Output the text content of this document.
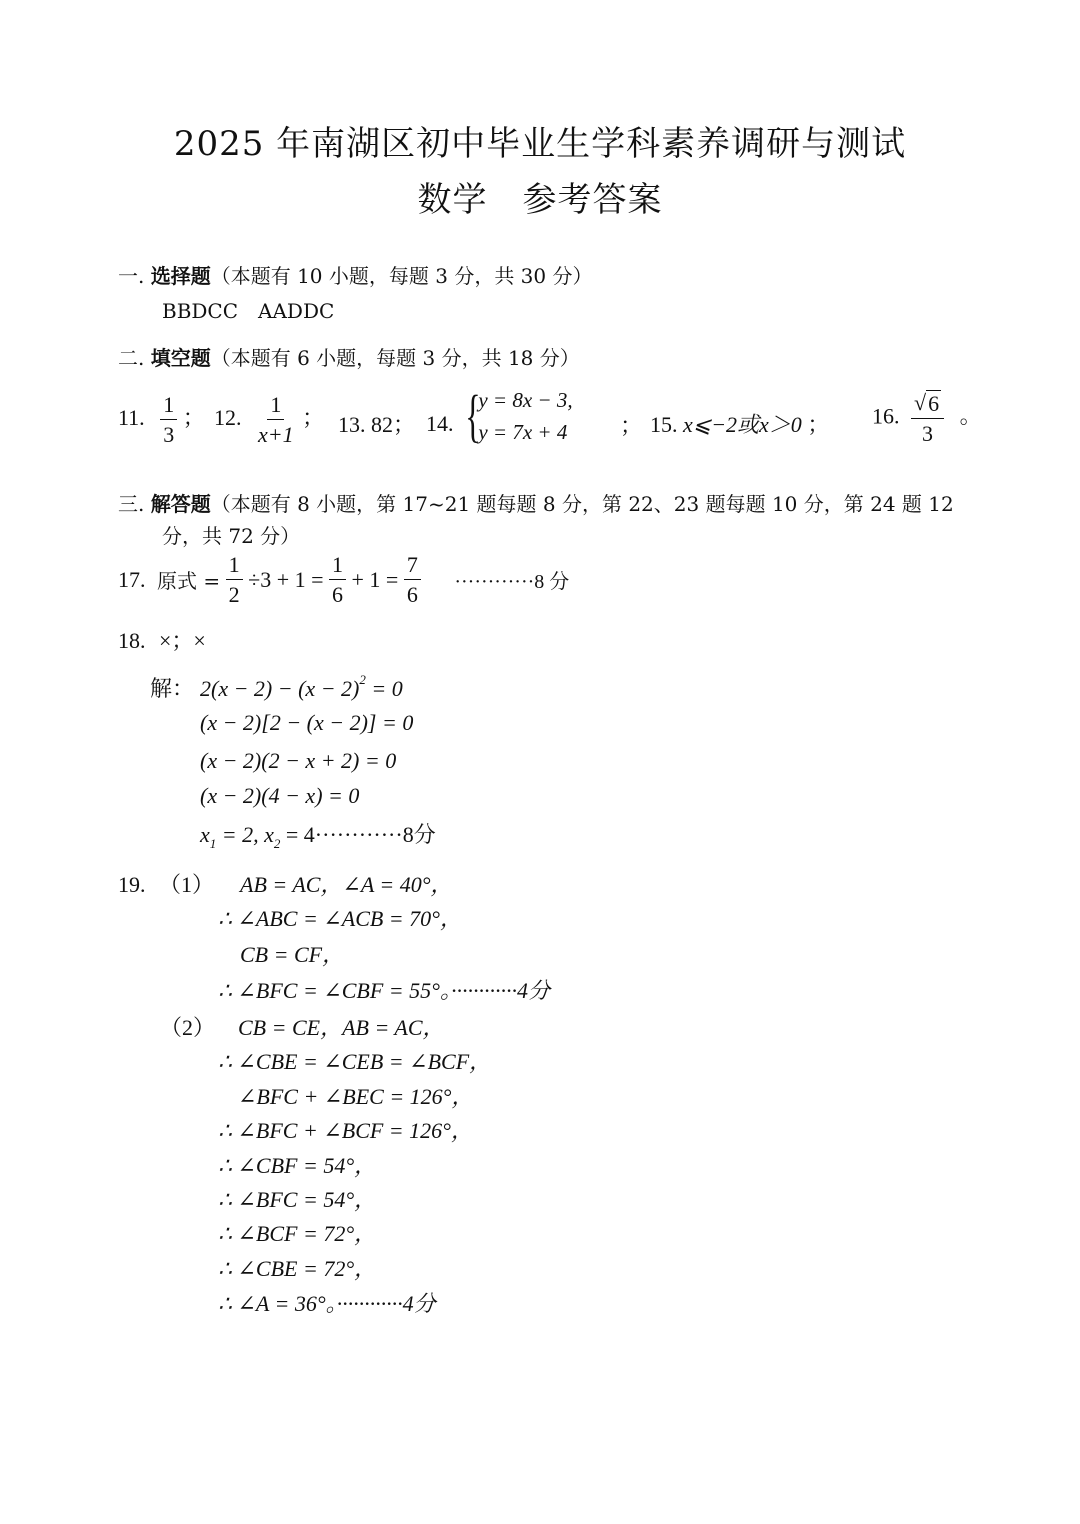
2025 年南湖区初中毕业生学科素养调研与测试
数学　参考答案
一. 选择题（本题有 10 小题，每题 3 分，共 30 分）
BBDCC　AADDC
二. 填空题（本题有 6 小题，每题 3 分，共 18 分）
11. $\frac{1}{3}$ ； 12. $\frac{1}{x+1}$ ； 13. 82； 14. {
y = 8x − 3,
y = 7x + 4 ； 15. x⩽−2或x＞0 ； 16. $\frac{√ 6}{3}$ 。
三. 解答题（本题有 8 小题，第 17~21 题每题 8 分，第 22、23 题每题 10 分，第 24 题 12
分，共 72 分）
17. 原式 = $\frac{1}{2} \div 3 + 1 = \frac{1}{6} + 1 = \frac{7}{6} \cdot\cdot\cdot\cdot\cdot\cdot\cdot\cdot\cdot\cdot\cdot\cdot 8$ 分
18. ×；×
解： $2(x - 2) - (x - 2)^2 = 0$
(x − 2)[2 − (x − 2)] = 0
(x − 2)(2 − x + 2) = 0
(x − 2)(4 − x) = 0
$x_1 = 2$, $x_2 = 4\cdot\cdot\cdot\cdot\cdot\cdot\cdot\cdot\cdot\cdot\cdot\cdot 8$分
19. （1） AB = AC，∠A = 40°，
∴ ∠ABC = ∠ACB = 70°，
CB = CF，
∴ ∠BFC = ∠CBF = 55°。············4分
（2） CB = CE，AB = AC，
∴ ∠CBE = ∠CEB = ∠BCF，
∠BFC + ∠BEC = 126°，
∴ ∠BFC + ∠BCF = 126°，
∴ ∠CBF = 54°，
∴ ∠BFC = 54°，
∴ ∠BCF = 72°，
∴ ∠CBE = 72°，
∴ ∠A = 36°。············4分
